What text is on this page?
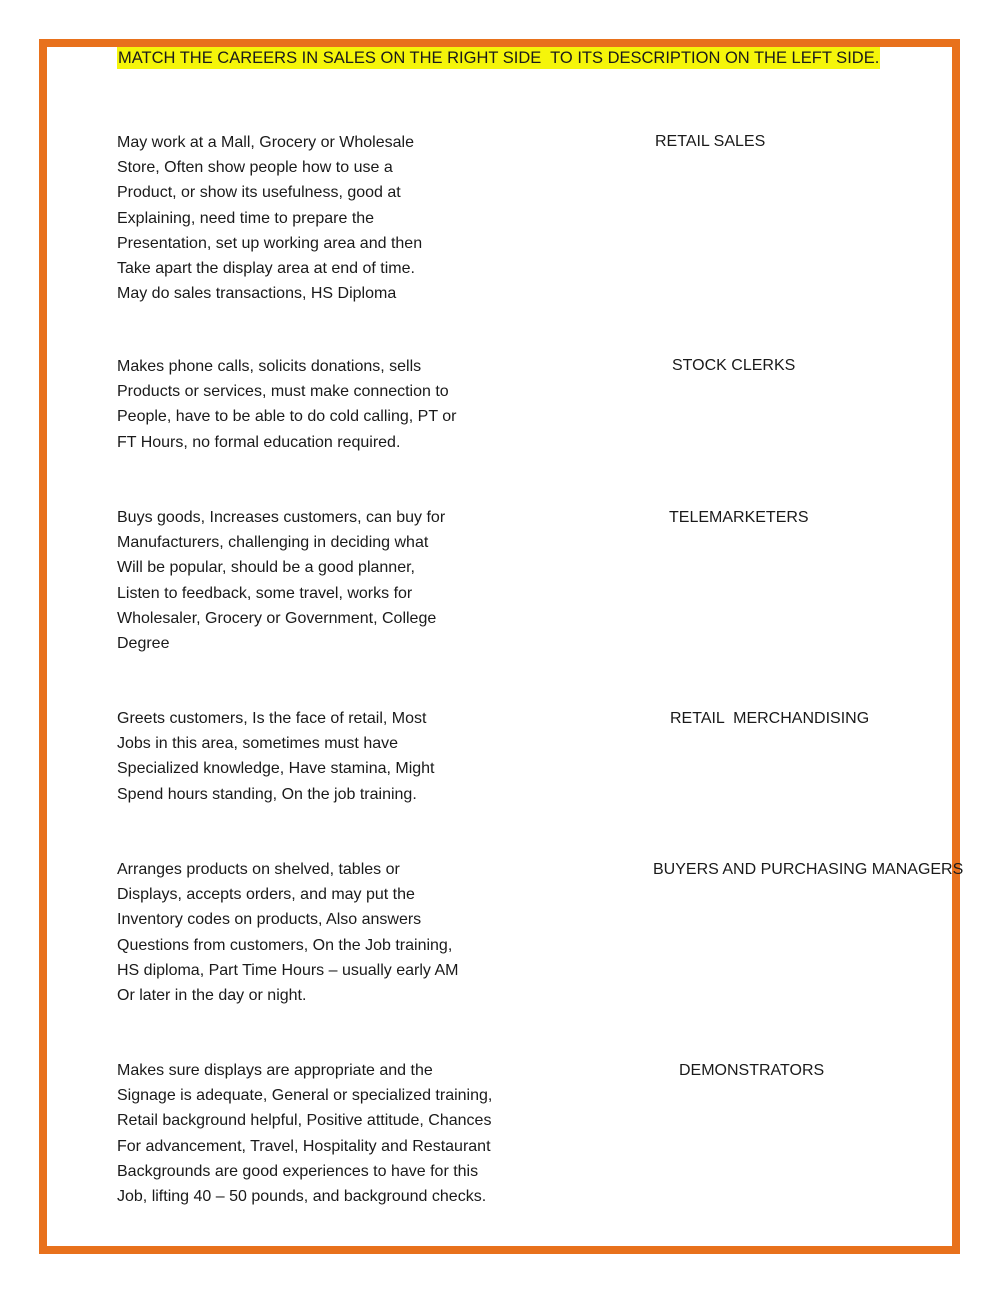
MATCH THE CAREERS IN SALES ON THE RIGHT SIDE  TO ITS DESCRIPTION ON THE LEFT SIDE.
May work at a Mall, Grocery or Wholesale
Store, Often show people how to use a
Product, or show its usefulness, good at
Explaining, need time to prepare the
Presentation, set up working area and then
Take apart the display area at end of time.
May do sales transactions, HS Diploma
Makes phone calls, solicits donations, sells
Products or services, must make connection to
People, have to be able to do cold calling, PT or
FT Hours, no formal education required.
Buys goods, Increases customers, can buy for
Manufacturers, challenging in deciding what
Will be popular, should be a good planner,
Listen to feedback, some travel, works for
Wholesaler, Grocery or Government, College
Degree
Greets customers, Is the face of retail, Most
Jobs in this area, sometimes must have
Specialized knowledge, Have stamina, Might
Spend hours standing, On the job training.
Arranges products on shelved, tables or
Displays, accepts orders, and may put the
Inventory codes on products, Also answers
Questions from customers, On the Job training,
HS diploma, Part Time Hours – usually early AM
Or later in the day or night.
Makes sure displays are appropriate and the
Signage is adequate, General or specialized training,
Retail background helpful, Positive attitude, Chances
For advancement, Travel, Hospitality and Restaurant
Backgrounds are good experiences to have for this
Job, lifting 40 – 50 pounds, and background checks.
RETAIL SALES
STOCK CLERKS
TELEMARKETERS
RETAIL  MERCHANDISING
BUYERS AND PURCHASING MANAGERS
DEMONSTRATORS
